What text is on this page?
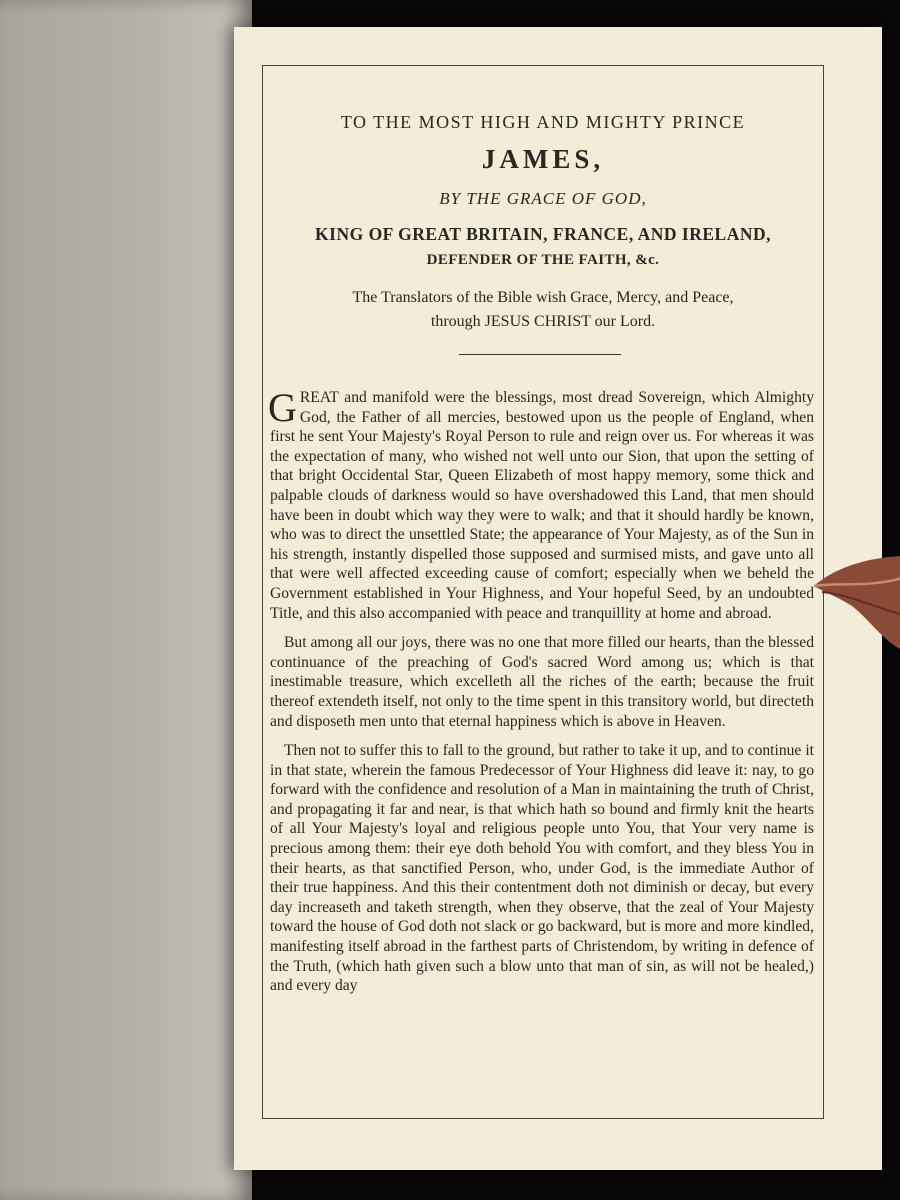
TO THE MOST HIGH AND MIGHTY PRINCE
JAMES,
BY THE GRACE OF GOD,
KING OF GREAT BRITAIN, FRANCE, AND IRELAND,
DEFENDER OF THE FAITH, &c.
The Translators of the Bible wish Grace, Mercy, and Peace,
through JESUS CHRIST our Lord.

GREAT and manifold were the blessings, most dread Sovereign, which Almighty God, the Father of all mercies, bestowed upon us the people of England, when first he sent Your Majesty's Royal Person to rule and reign over us. For whereas it was the expectation of many, who wished not well unto our Sion, that upon the setting of that bright Occidental Star, Queen Elizabeth of most happy memory, some thick and palpable clouds of darkness would so have overshadowed this Land, that men should have been in doubt which way they were to walk; and that it should hardly be known, who was to direct the unsettled State; the appearance of Your Majesty, as of the Sun in his strength, instantly dispelled those supposed and surmised mists, and gave unto all that were well affected exceeding cause of comfort; especially when we beheld the Government established in Your Highness, and Your hopeful Seed, by an undoubted Title, and this also accompanied with peace and tranquillity at home and abroad.

But among all our joys, there was no one that more filled our hearts, than the blessed continuance of the preaching of God's sacred Word among us; which is that inestimable treasure, which excelleth all the riches of the earth; because the fruit thereof extendeth itself, not only to the time spent in this transitory world, but directeth and disposeth men unto that eternal happiness which is above in Heaven.

Then not to suffer this to fall to the ground, but rather to take it up, and to continue it in that state, wherein the famous Predecessor of Your Highness did leave it: nay, to go forward with the confidence and resolution of a Man in maintaining the truth of Christ, and propagating it far and near, is that which hath so bound and firmly knit the hearts of all Your Majesty's loyal and religious people unto You, that Your very name is precious among them: their eye doth behold You with comfort, and they bless You in their hearts, as that sanctified Person, who, under God, is the immediate Author of their true happiness. And this their contentment doth not diminish or decay, but every day increaseth and taketh strength, when they observe, that the zeal of Your Majesty toward the house of God doth not slack or go backward, but is more and more kindled, manifesting itself abroad in the farthest parts of Christendom, by writing in defence of the Truth, (which hath given such a blow unto that man of sin, as will not be healed,) and every day
